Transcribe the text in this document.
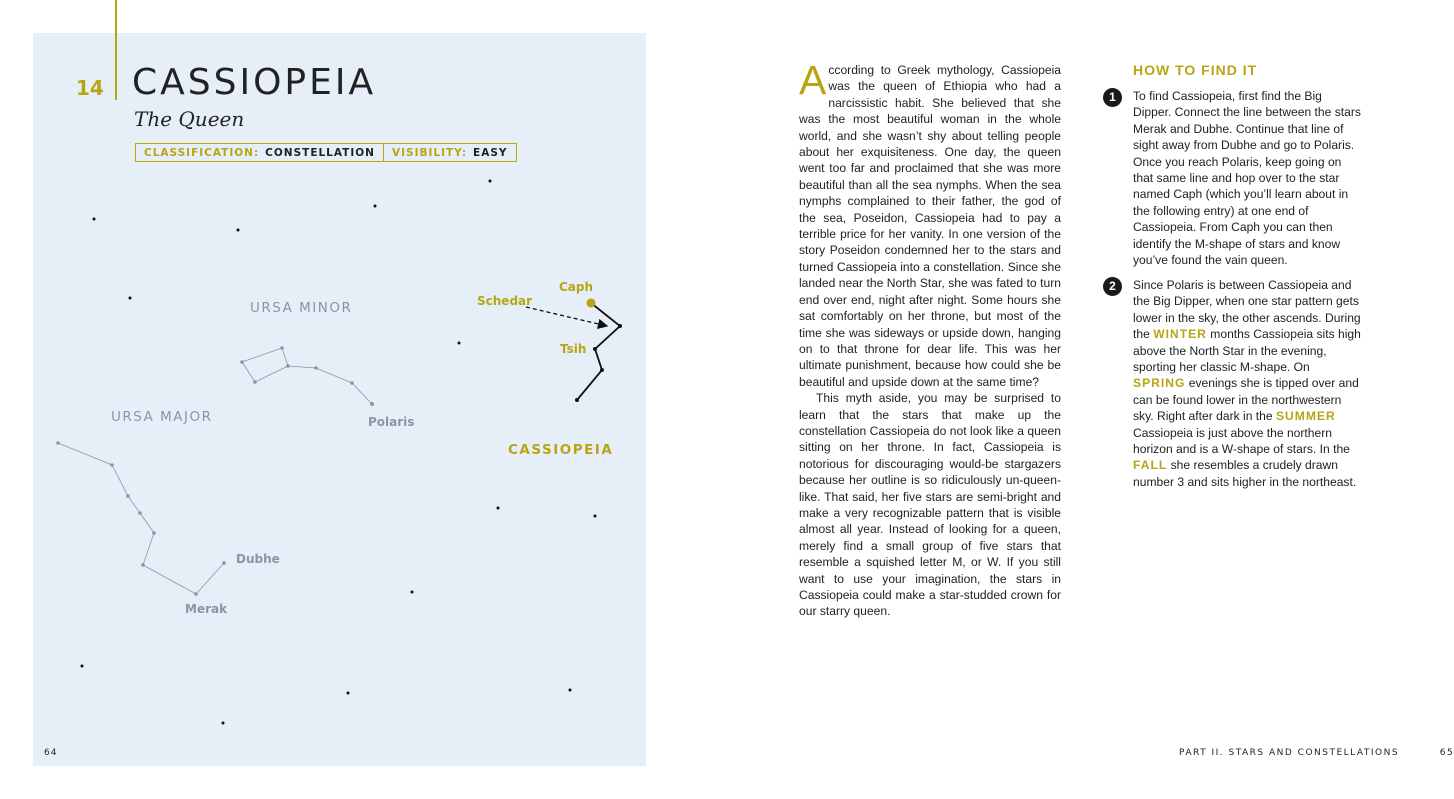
14 CASSIOPEIA
The Queen
CLASSIFICATION: CONSTELLATION VISIBILITY: EASY
URSA MINOR
URSA MAJOR	Polaris
Dubhe
Merak
CASSIOPEIA
Schedar
Caph
Tsih
64

According to Greek mythology, Cassiopeia was the queen of Ethiopia who had a narcissistic habit. She believed that she was the most beautiful woman in the whole world, and she wasn’t shy about telling people about her exquisiteness. One day, the queen went too far and proclaimed that she was more beautiful than all the sea nymphs. When the sea nymphs complained to their father, the god of the sea, Poseidon, Cassiopeia had to pay a terrible price for her vanity. In one version of the story Poseidon condemned her to the stars and turned Cassiopeia into a constellation. Since she landed near the North Star, she was fated to turn end over end, night after night. Some hours she sat comfortably on her throne, but most of the time she was sideways or upside down, hanging on to that throne for dear life. This was her ultimate punishment, because how could she be beautiful and upside down at the same time?

This myth aside, you may be surprised to learn that the stars that make up the constellation Cassiopeia do not look like a queen sitting on her throne. In fact, Cassiopeia is notorious for discouraging would-be stargazers because her outline is so ridiculously un-queen-like. That said, her five stars are semi-bright and make a very recognizable pattern that is visible almost all year. Instead of looking for a queen, merely find a small group of five stars that resemble a squished letter M, or W. If you still want to use your imagination, the stars in Cassiopeia could make a star-studded crown for our starry queen.

HOW TO FIND IT
1	To find Cassiopeia, first find the Big Dipper. Connect the line between the stars Merak and Dubhe. Continue that line of sight away from Dubhe and go to Polaris. Once you reach Polaris, keep going on that same line and hop over to the star named Caph (which you’ll learn about in the following entry) at one end of Cassiopeia. From Caph you can then identify the M-shape of stars and know you’ve found the vain queen.
2	Since Polaris is between Cassiopeia and the Big Dipper, when one star pattern gets lower in the sky, the other ascends. During the WINTER months Cassiopeia sits high above the North Star in the evening, sporting her classic M-shape. On SPRING evenings she is tipped over and can be found lower in the northwestern sky. Right after dark in the SUMMER Cassiopeia is just above the northern horizon and is a W-shape of stars. In the FALL she resembles a crudely drawn number 3 and sits higher in the northeast.
PART II. STARS AND CONSTELLATIONS	65
